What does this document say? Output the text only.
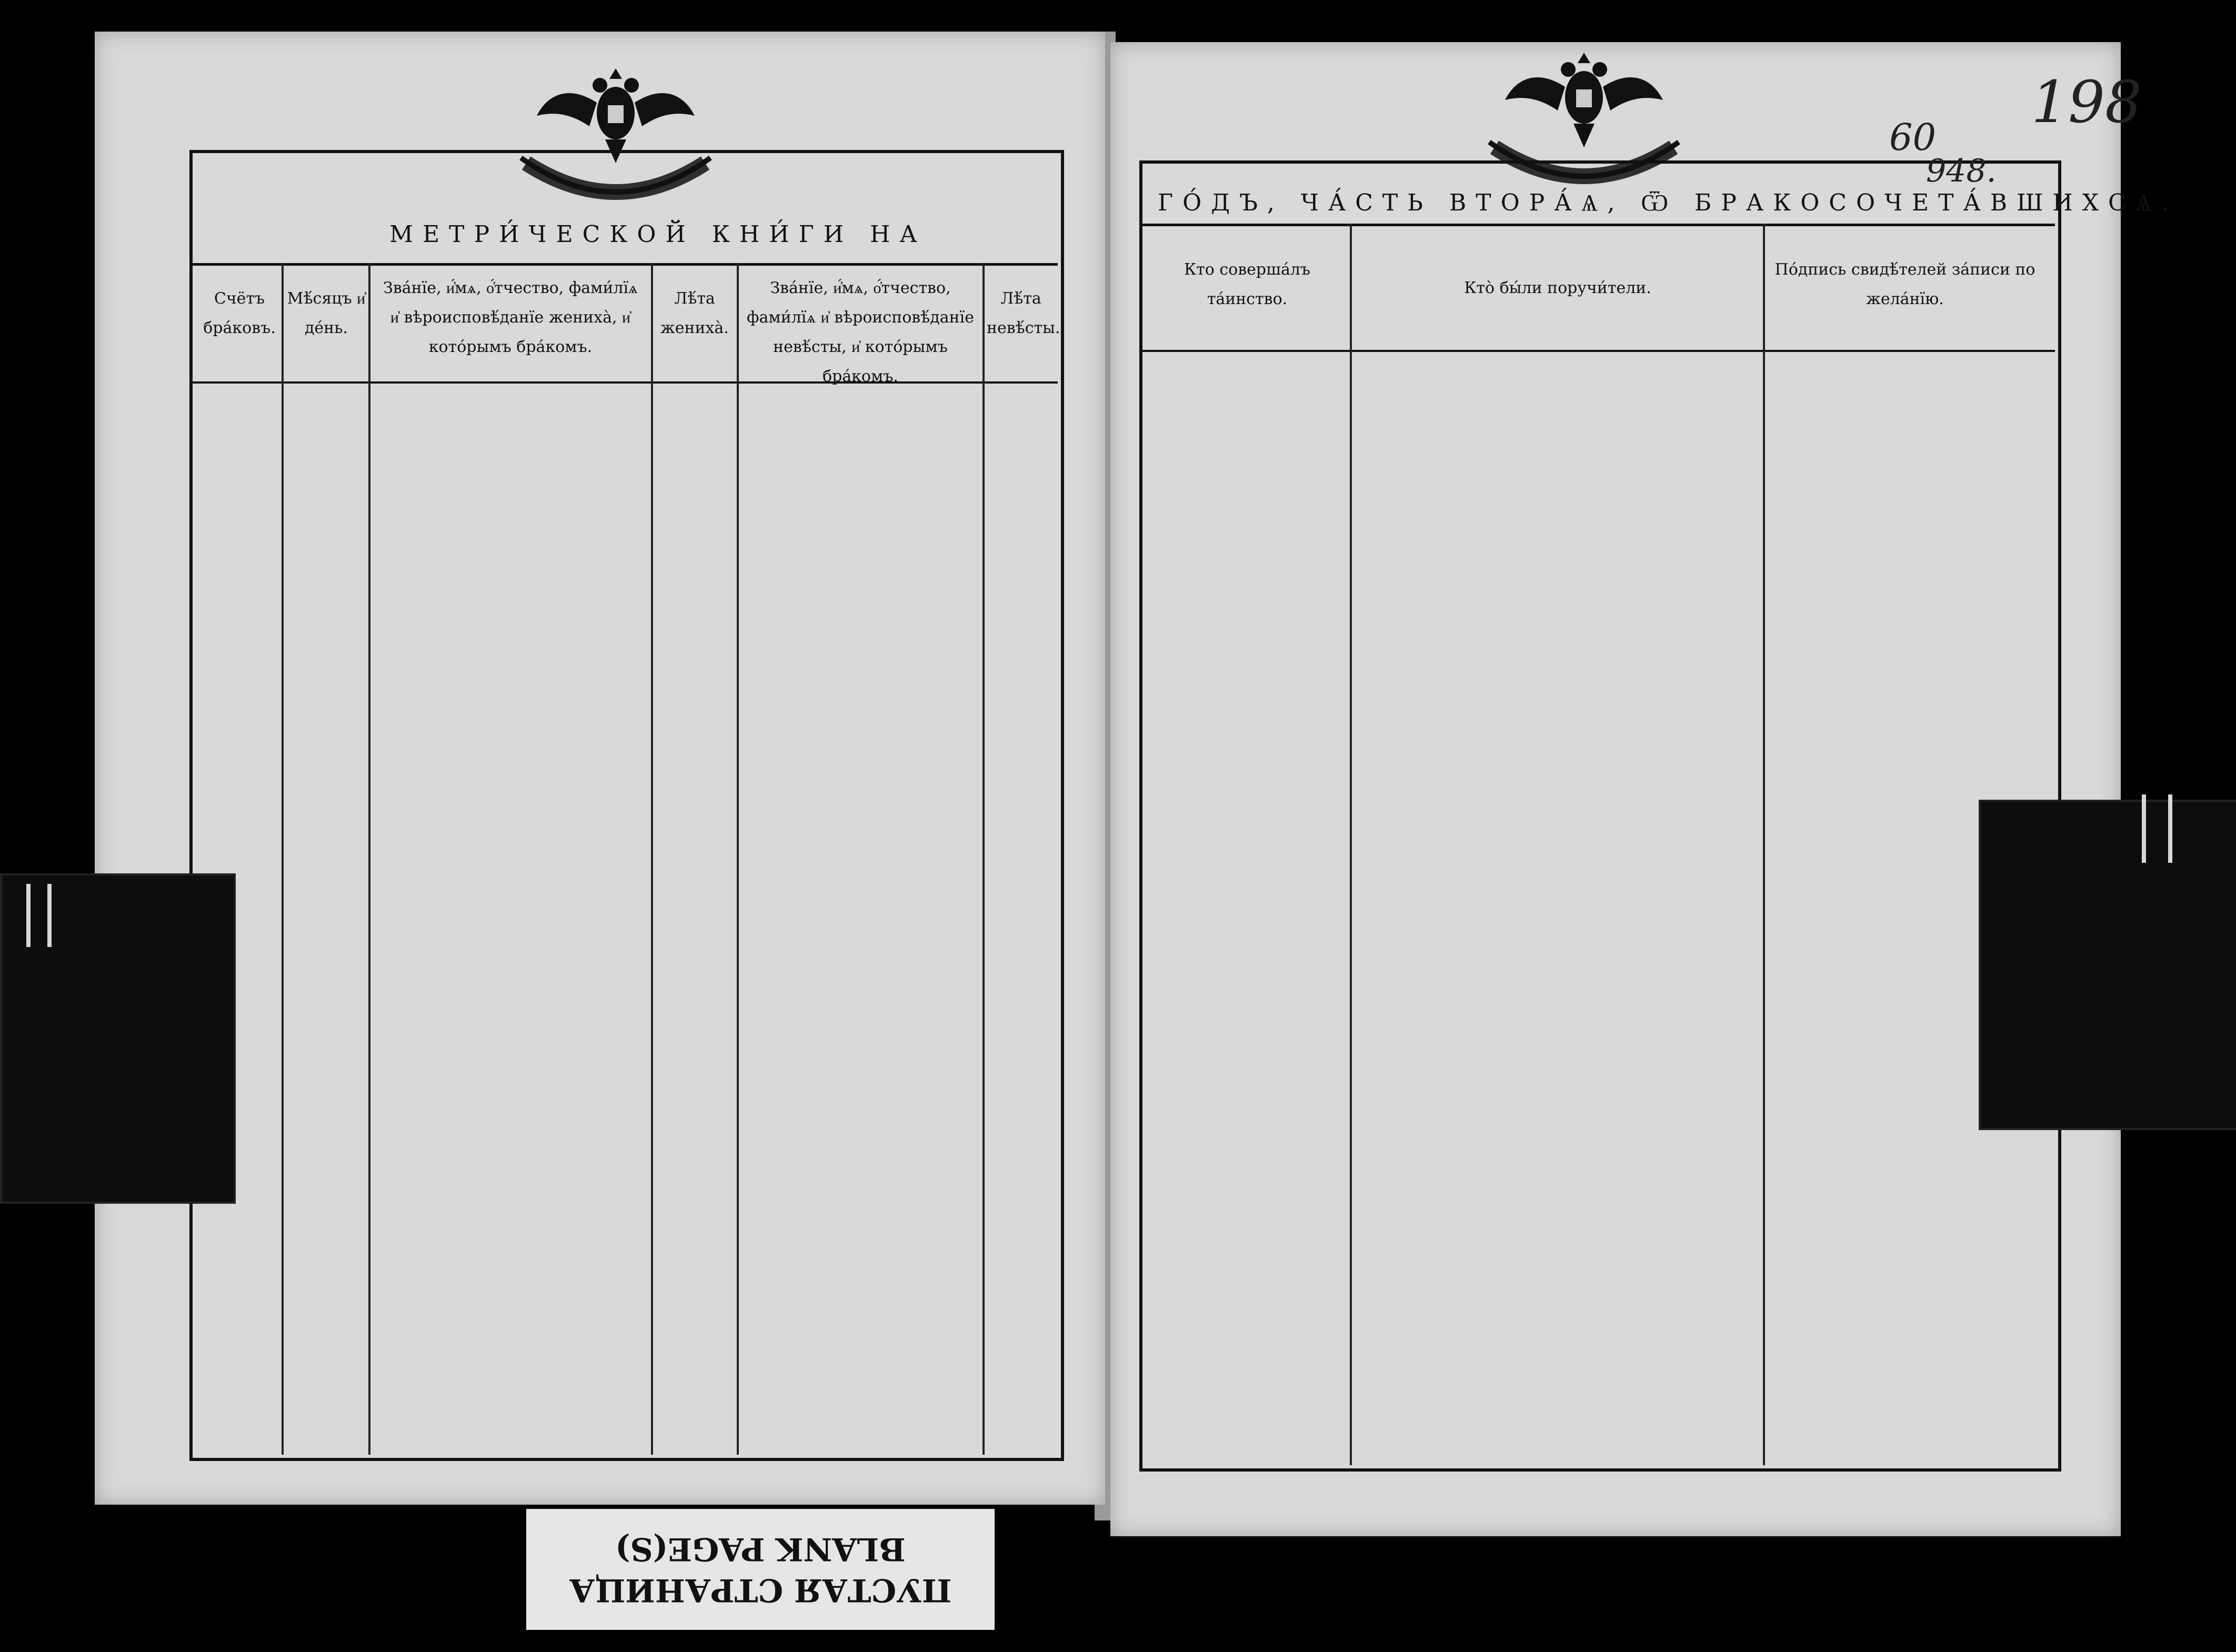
МЕТРИ́ЧЕСКОЙ КНИ́ГИ НА
Счётъ бра́ковъ.
Мѣ́сяцъ и҆ де́нь.
Зва́нїе, и҆́мѧ, о҆́тчество, фами́лїѧ и҆ вѣроисповѣ́данїе жениха̀, и҆ кото́рымъ бра́комъ.
Лѣ́та жениха̀.
Зва́нїе, и҆́мѧ, о҆́тчество, фами́лїѧ и҆ вѣроисповѣ́данїе невѣ́сты, и҆ кото́рымъ бра́комъ.
Лѣ́та невѣ́сты.
ГО́ДЪ, ЧА́СТЬ ВТОРА́Ѧ, Ѿ БРАКОСОЧЕТА́ВШИХСѦ.
198
60
948.
Кто соверша́лъ та́инство.
Кто̀ бы́ли поручи́тели.
По́дпись свидѣ́телей за́писи по жела́нїю.
ПУСТАЯ СТРАНИЦА
BLANK PAGE(S)
